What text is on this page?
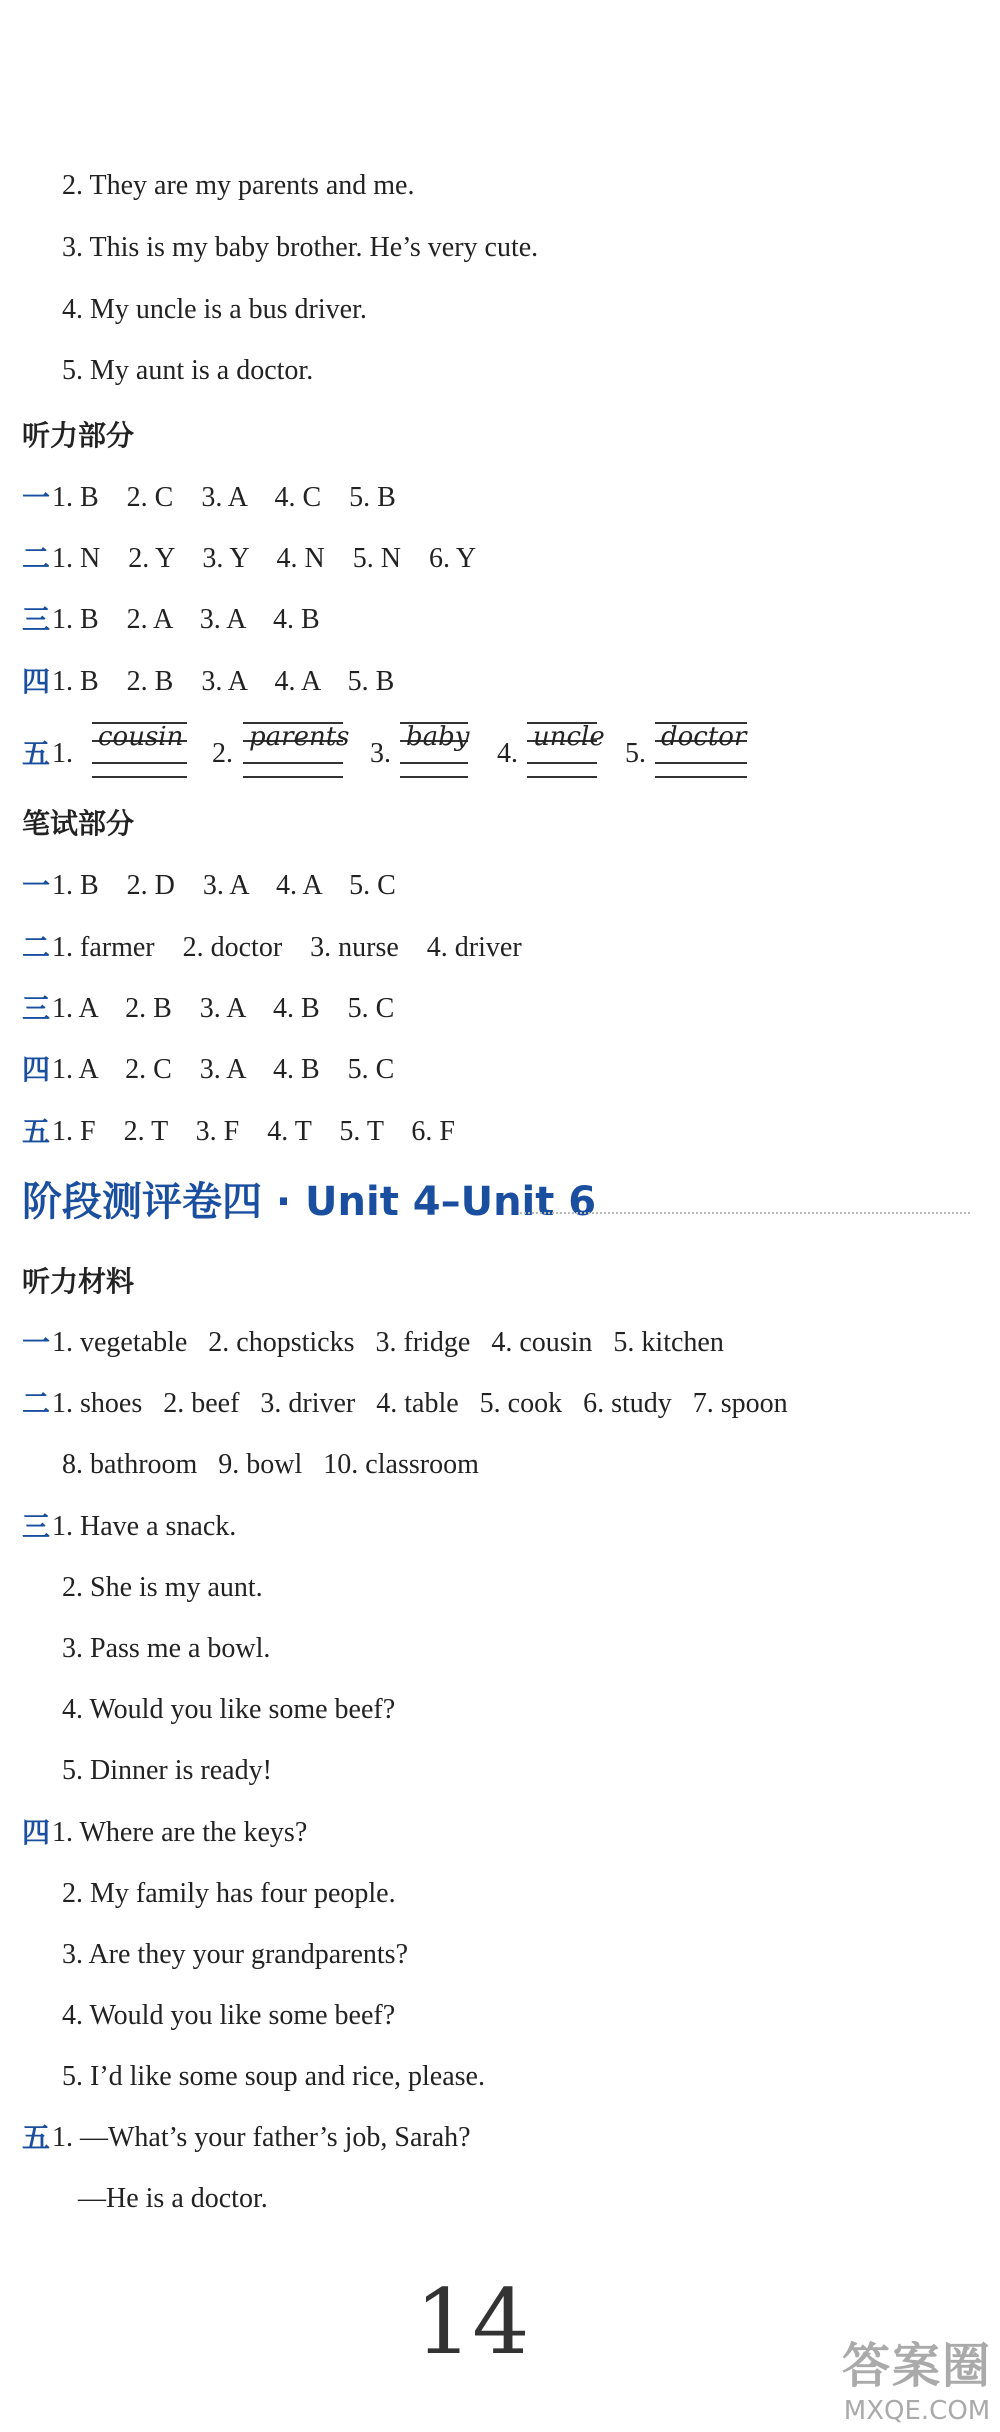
2. They are my parents and me.
3. This is my baby brother. He’s very cute.
4. My uncle is a bus driver.
5. My aunt is a doctor.
听力部分
一 1. B    2. C    3. A    4. C    5. B
二 1. N    2. Y    3. Y    4. N    5. N    6. Y
三 1. B    2. A    3. A    4. B
四 1. B    2. B    3. A    4. A    5. B
五 1.
cousin
2.
parents
3.
baby
4.
uncle
5.
doctor
笔试部分
一 1. B    2. D    3. A    4. A    5. C
二 1. farmer    2. doctor    3. nurse    4. driver
三 1. A    2. B    3. A    4. B    5. C
四 1. A    2. C    3. A    4. B    5. C
五 1. F    2. T    3. F    4. T    5. T    6. F
阶段测评卷四 · Unit 4–Unit 6
听力材料
一 1. vegetable   2. chopsticks   3. fridge   4. cousin   5. kitchen
二 1. shoes   2. beef   3. driver   4. table   5. cook   6. study   7. spoon
8. bathroom   9. bowl   10. classroom
三 1. Have a snack.
2. She is my aunt.
3. Pass me a bowl.
4. Would you like some beef?
5. Dinner is ready!
四 1. Where are the keys?
2. My family has four people.
3. Are they your grandparents?
4. Would you like some beef?
5. I’d like some soup and rice, please.
五 1. —What’s your father’s job, Sarah?
—He is a doctor.
14	答案圈
MXQE.COM
